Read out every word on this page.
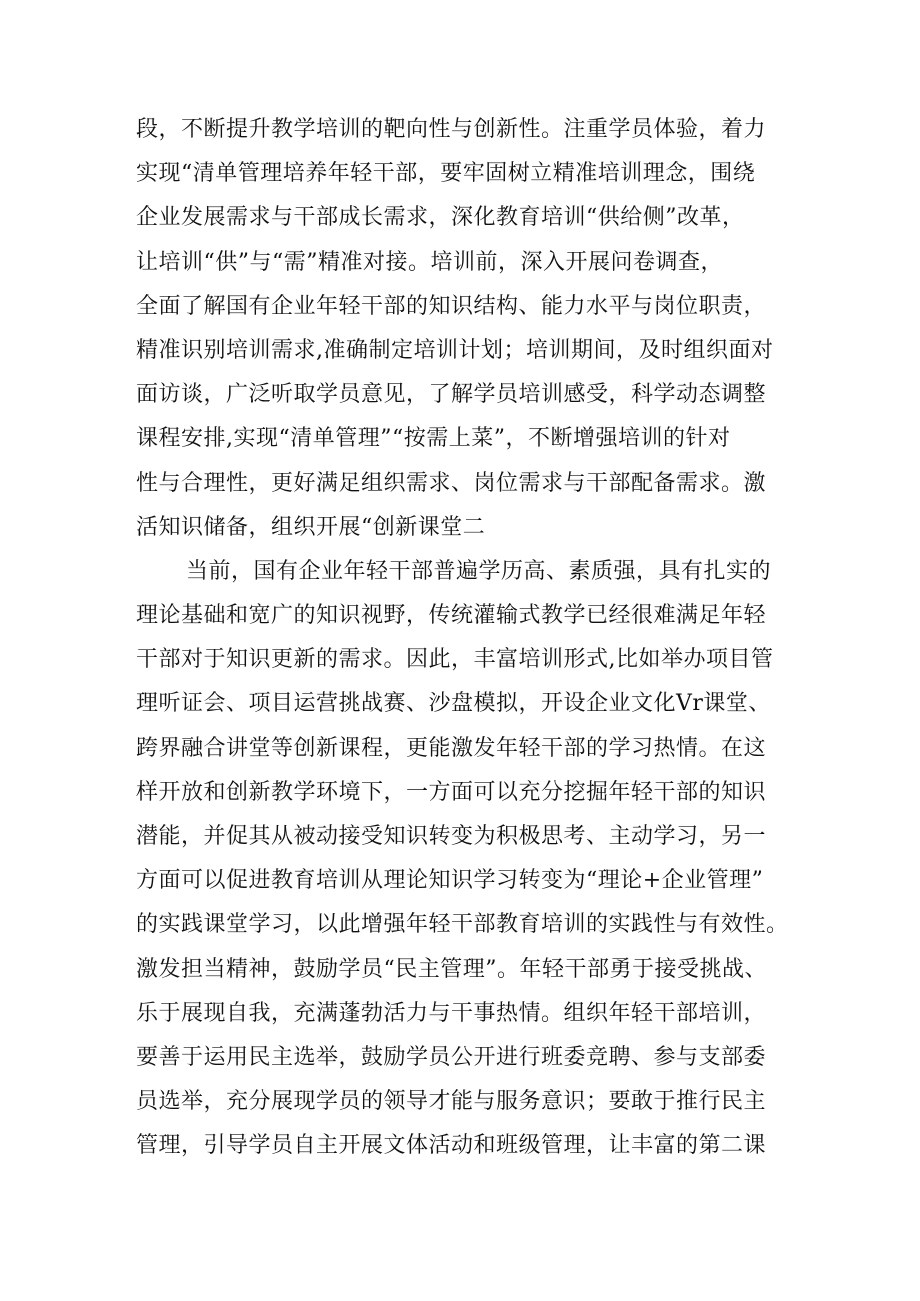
段，不断提升教学培训的靶向性与创新性。注重学员体验，着力
实现“清单管理培养年轻干部，要牢固树立精准培训理念，围绕
企业发展需求与干部成长需求，深化教育培训“供给侧”改革，
让培训“供”与“需”精准对接。培训前，深入开展问卷调查，
全面了解国有企业年轻干部的知识结构、能力水平与岗位职责，
精准识别培训需求,准确制定培训计划；培训期间，及时组织面对
面访谈，广泛听取学员意见，了解学员培训感受，科学动态调整
课程安排,实现“清单管理”“按需上菜”，不断增强培训的针对
性与合理性，更好满足组织需求、岗位需求与干部配备需求。激
活知识储备，组织开展“创新课堂二
当前，国有企业年轻干部普遍学历高、素质强，具有扎实的
理论基础和宽广的知识视野，传统灌输式教学已经很难满足年轻
干部对于知识更新的需求。因此，丰富培训形式,比如举办项目管
理听证会、项目运营挑战赛、沙盘模拟，开设企业文化Vr课堂、
跨界融合讲堂等创新课程，更能激发年轻干部的学习热情。在这
样开放和创新教学环境下，一方面可以充分挖掘年轻干部的知识
潜能，并促其从被动接受知识转变为积极思考、主动学习，另一
方面可以促进教育培训从理论知识学习转变为“理论+企业管理”
的实践课堂学习，以此增强年轻干部教育培训的实践性与有效性。
激发担当精神，鼓励学员“民主管理”。年轻干部勇于接受挑战、
乐于展现自我，充满蓬勃活力与干事热情。组织年轻干部培训，
要善于运用民主选举，鼓励学员公开进行班委竞聘、参与支部委
员选举，充分展现学员的领导才能与服务意识；要敢于推行民主
管理，引导学员自主开展文体活动和班级管理，让丰富的第二课
